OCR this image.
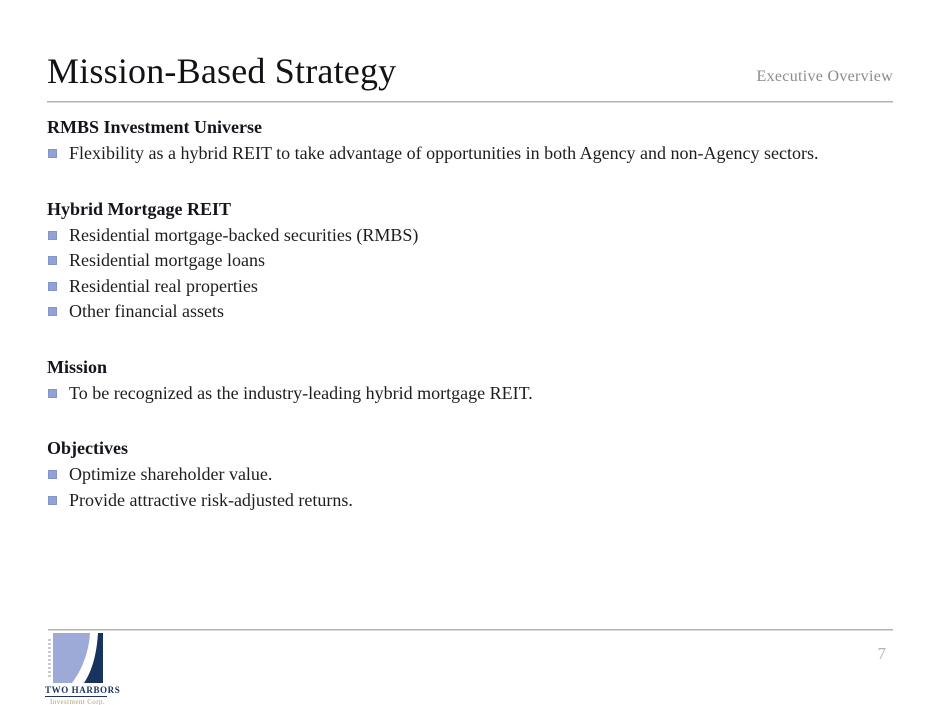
Mission-Based Strategy	Executive Overview
RMBS Investment Universe
Flexibility as a hybrid REIT to take advantage of opportunities in both Agency and non-Agency sectors.
Hybrid Mortgage REIT
Residential mortgage-backed securities (RMBS)
Residential mortgage loans
Residential real properties
Other financial assets
Mission
To be recognized as the industry-leading hybrid mortgage REIT.
Objectives
Optimize shareholder value.
Provide attractive risk-adjusted returns.
TWO HARBORS
Investment Corp.
7
